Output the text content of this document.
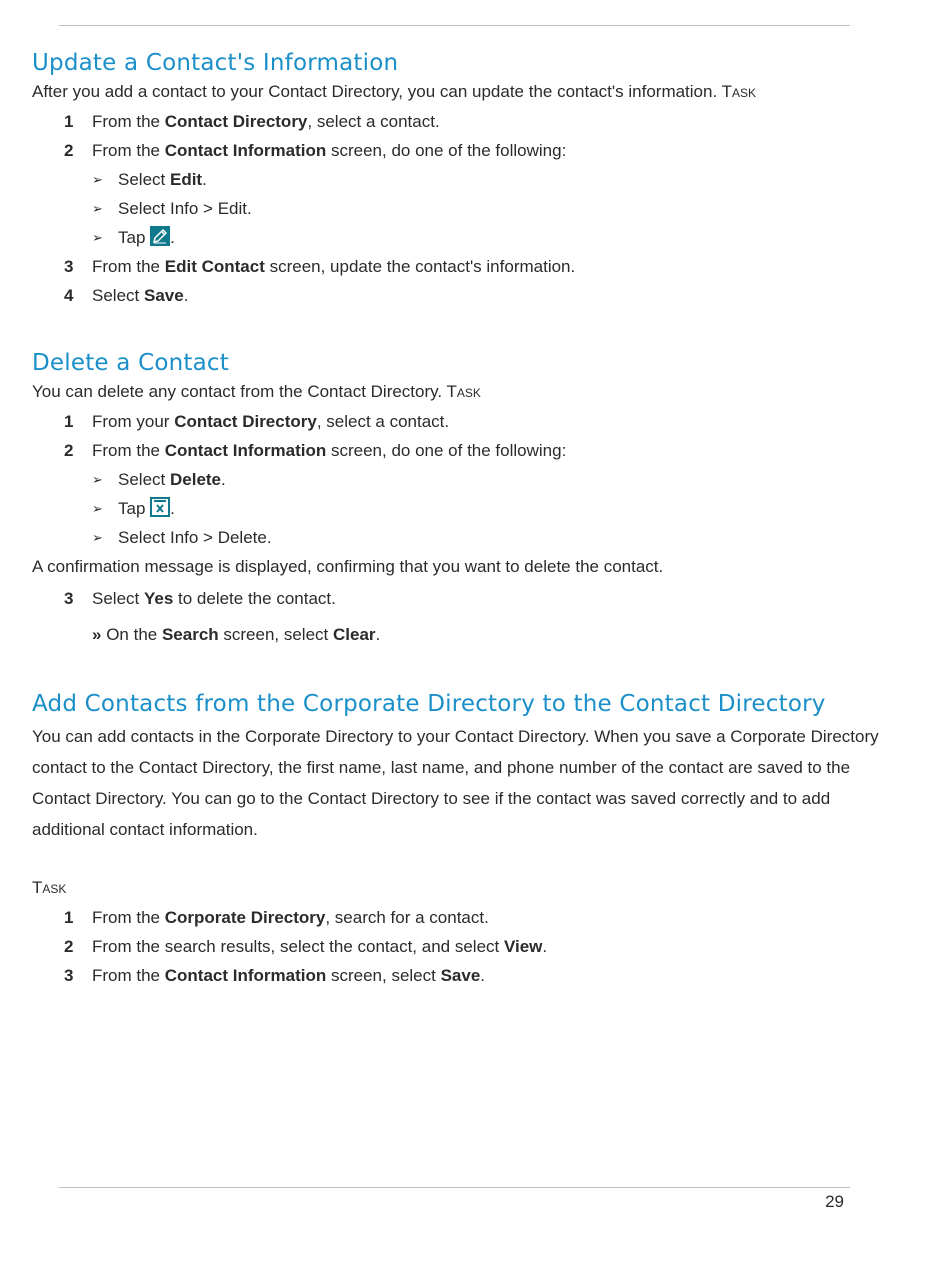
Update a Contact's Information

After you add a contact to your Contact Directory, you can update the contact's information. TASK

1 From the Contact Directory, select a contact.
2 From the Contact Information screen, do one of the following:
➢ Select Edit.
➢ Select Info > Edit.
➢ Tap .
3 From the Edit Contact screen, update the contact's information.
4 Select Save.
Delete a Contact

You can delete any contact from the Contact Directory. TASK

1 From your Contact Directory, select a contact.
2 From the Contact Information screen, do one of the following:
➢ Select Delete.
➢ Tap .
➢ Select Info > Delete.

A confirmation message is displayed, confirming that you want to delete the contact.

3 Select Yes to delete the contact.
» On the Search screen, select Clear.
Add Contacts from the Corporate Directory to the Contact Directory

You can add contacts in the Corporate Directory to your Contact Directory. When you save a Corporate Directory contact to the Contact Directory, the first name, last name, and phone number of the contact are saved to the Contact Directory. You can go to the Contact Directory to see if the contact was saved correctly and to add additional contact information.

TASK

1 From the Corporate Directory, search for a contact.
2 From the search results, select the contact, and select View.
3 From the Contact Information screen, select Save.
29
